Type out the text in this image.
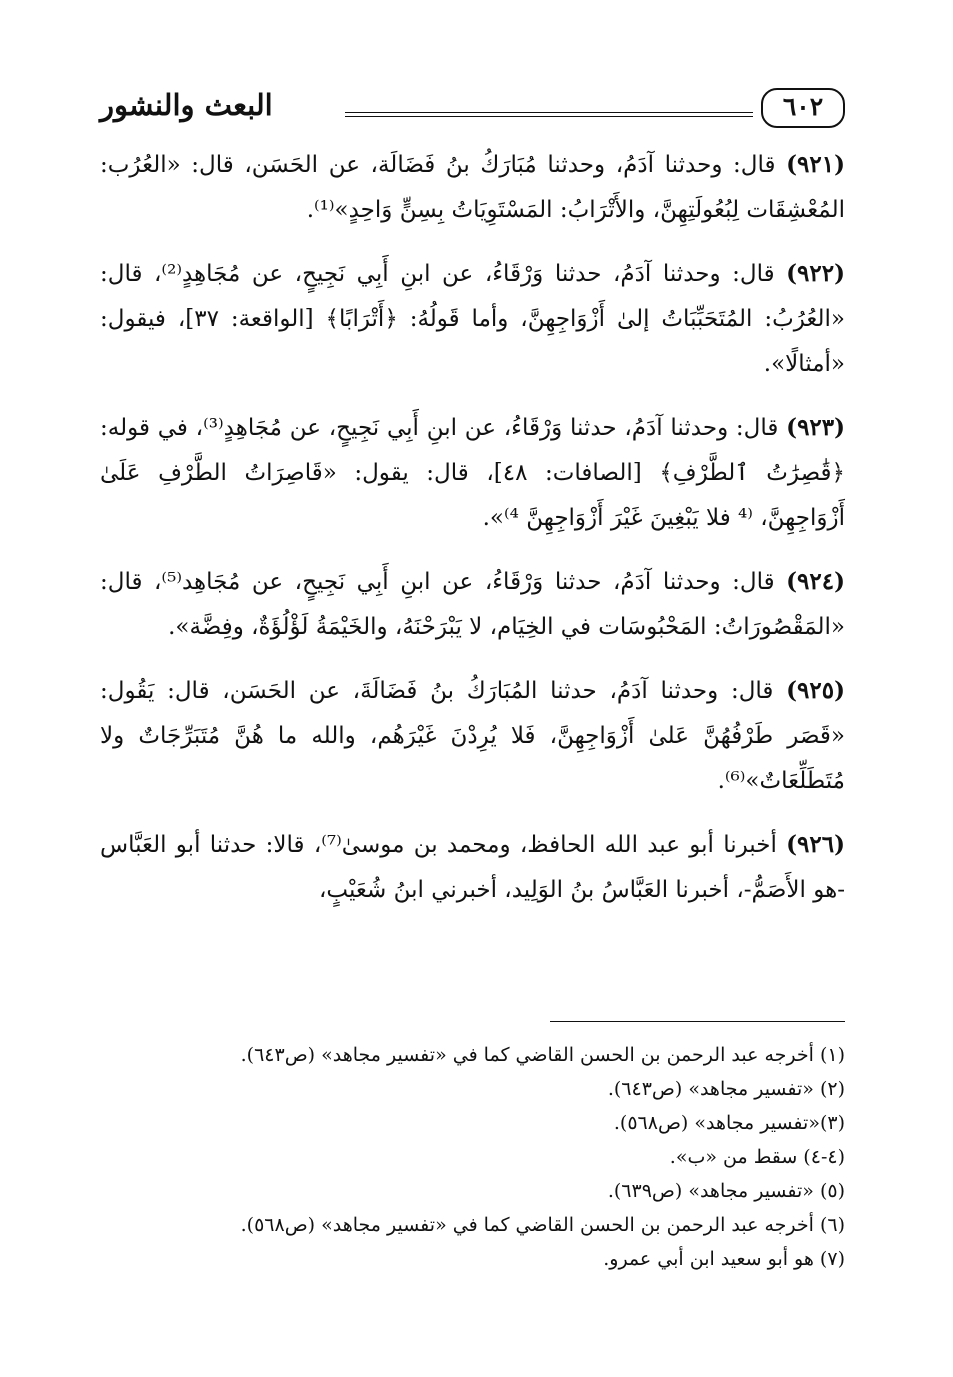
البعث والنشور	٦٠٢

(٩٢١) قال: وحدثنا آدَمُ، وحدثنا مُبَارَكُ بنُ فَضَالَة، عن الحَسَن، قال: «العُرُب: المُعْشِقَات لِبُعُولَتِهِنَّ، والأَتْرَابُ: المَسْتَوِيَاتُ بِسِنٍّ وَاحِدٍ»⁽¹⁾.

(٩٢٢) قال: وحدثنا آدَمُ، حدثنا وَرْقَاءُ، عن ابنِ أَبِي نَجِيحٍ، عن مُجَاهِدٍ⁽²⁾، قال: «العُرُبُ: المُتَحَبِّبَاتُ إلىٰ أَزْوَاجِهِنَّ، وأما قَولُهُ: ﴿أَتْرَابًا﴾ [الواقعة: ٣٧]، فيقول: «أمثالًا».

(٩٢٣) قال: وحدثنا آدَمُ، حدثنا وَرْقَاءُ، عن ابنِ أَبِي نَجِيحٍ، عن مُجَاهِدٍ⁽³⁾، في قوله: ﴿قَٰصِرَٰتُ ٱلطَّرْفِ﴾ [الصافات: ٤٨]، قال: يقول: «قَاصِرَاتُ الطَّرْفِ عَلَىٰ أَزْوَاجِهِنَّ، ⁽⁴ فلا يَبْغِينَ غَيْرَ أَزْوَاجِهِنَّ ⁴⁾».

(٩٢٤) قال: وحدثنا آدَمُ، حدثنا وَرْقَاءُ، عن ابنِ أَبِي نَجِيحٍ، عن مُجَاهِد⁽⁵⁾، قال: «المَقْصُورَاتُ: المَحْبُوسَات في الخِيَام، لا يَبْرَحْنَهُ، والخَيْمَةُ لَؤْلُؤَةٌ، وفِضَّة».

(٩٢٥) قال: وحدثنا آدَمُ، حدثنا المُبَارَكُ بنُ فَضَالَةَ، عن الحَسَن، قال: يَقُول: «قَصَر طَرْفُهُنَّ عَلىٰ أَزْوَاجِهِنَّ، فَلا يُرِدْنَ غَيْرَهُم، والله ما هُنَّ مُتَبَرِّجَاتٌ ولا مُتَطَلِّعَاتٌ»⁽⁶⁾.

(٩٢٦) أخبرنا أبو عبد الله الحافظ، ومحمد بن موسىٰ⁽⁷⁾، قالا: حدثنا أبو العَبَّاس -هو الأَصَمُّ-، أخبرنا العَبَّاسُ بنُ الوَلِيد، أخبرني ابنُ شُعَيْبٍ،

(١) أخرجه عبد الرحمن بن الحسن القاضي كما في «تفسير مجاهد» (ص٦٤٣).

(٢) «تفسير مجاهد» (ص٦٤٣).

(٣)«تفسير مجاهد» (ص٥٦٨).

(٤-٤) سقط من «ب».

(٥) «تفسير مجاهد» (ص٦٣٩).

(٦) أخرجه عبد الرحمن بن الحسن القاضي كما في «تفسير مجاهد» (ص٥٦٨).

(٧) هو أبو سعيد ابن أبي عمرو.
